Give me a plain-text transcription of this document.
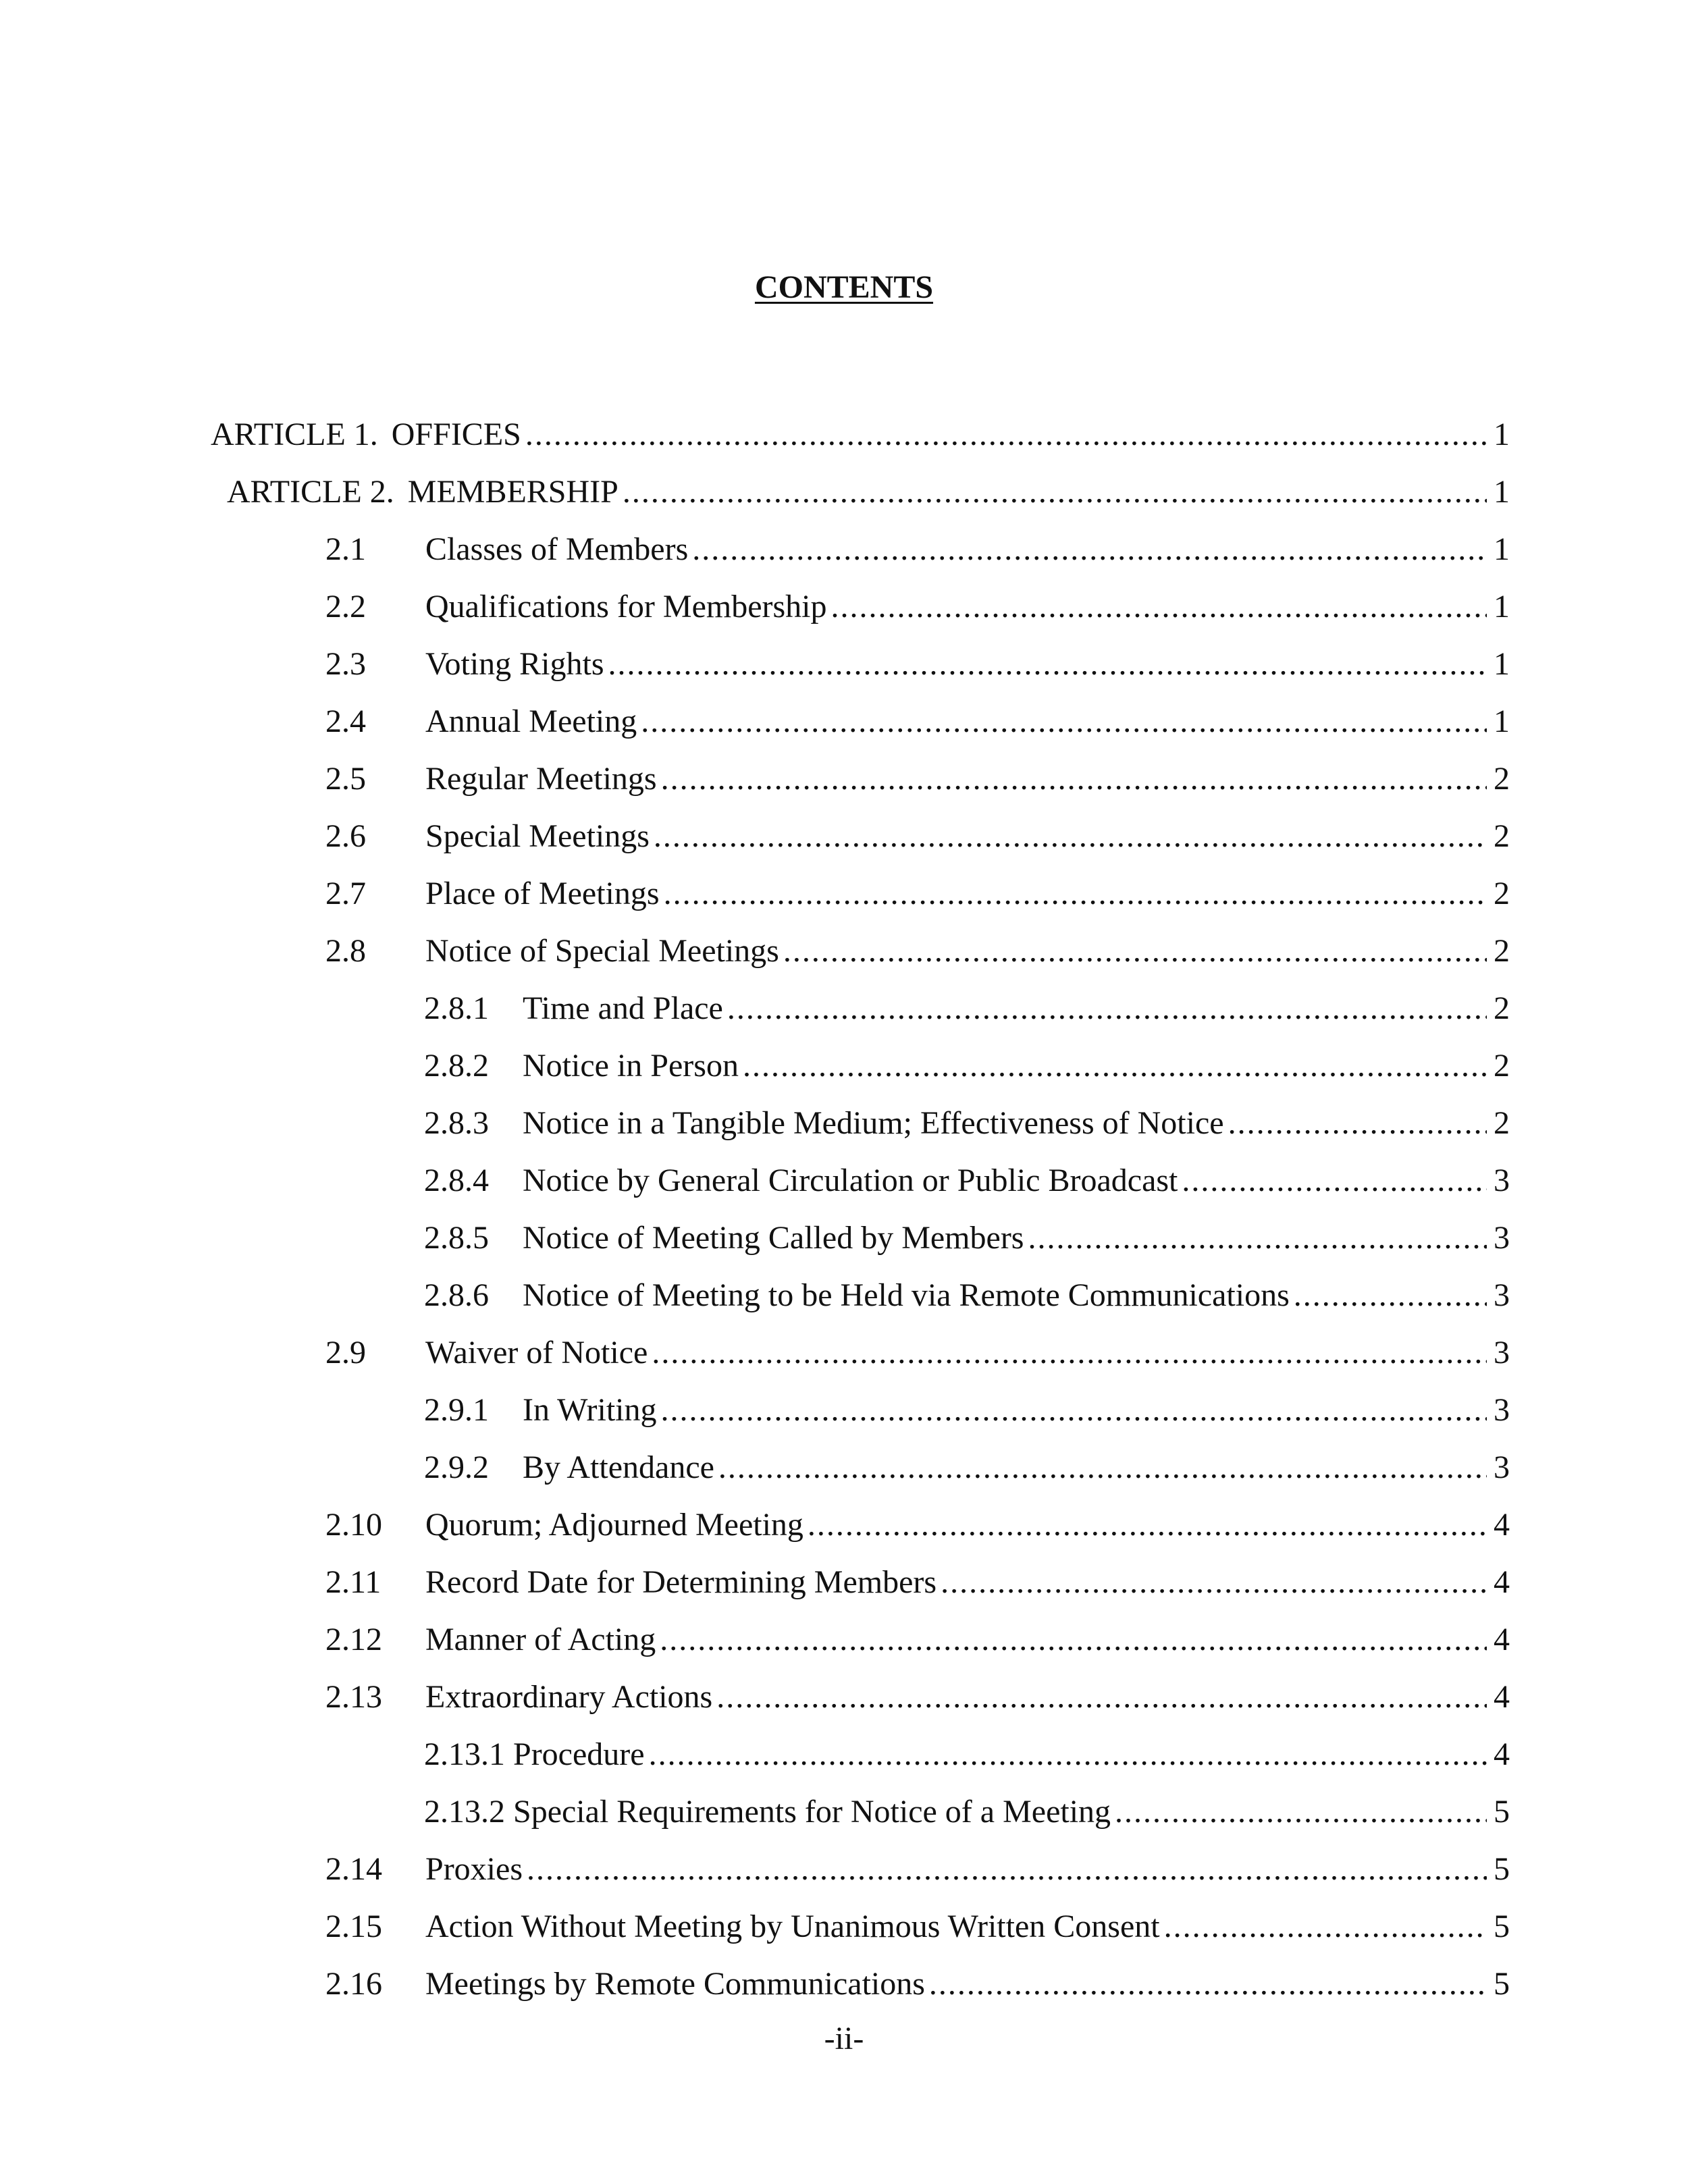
CONTENTS
ARTICLE 1. OFFICES .....	1
ARTICLE 2. MEMBERSHIP .....	1
2.1	Classes of Members .....	1
2.2	Qualifications for Membership .....	1
2.3	Voting Rights .....	1
2.4	Annual Meeting .....	1
2.5	Regular Meetings .....	2
2.6	Special Meetings .....	2
2.7	Place of Meetings .....	2
2.8	Notice of Special Meetings .....	2
2.8.1	Time and Place .....	2
2.8.2	Notice in Person .....	2
2.8.3	Notice in a Tangible Medium; Effectiveness of Notice .....	2
2.8.4	Notice by General Circulation or Public Broadcast .....	3
2.8.5	Notice of Meeting Called by Members .....	3
2.8.6	Notice of Meeting to be Held via Remote Communications .....	3
2.9	Waiver of Notice .....	3
2.9.1	In Writing .....	3
2.9.2	By Attendance .....	3
2.10	Quorum; Adjourned Meeting .....	4
2.11	Record Date for Determining Members .....	4
2.12	Manner of Acting .....	4
2.13	Extraordinary Actions .....	4
2.13.1 Procedure .....	4
2.13.2 Special Requirements for Notice of a Meeting .....	5
2.14	Proxies .....	5
2.15	Action Without Meeting by Unanimous Written Consent .....	5
2.16	Meetings by Remote Communications .....	5
-ii-
